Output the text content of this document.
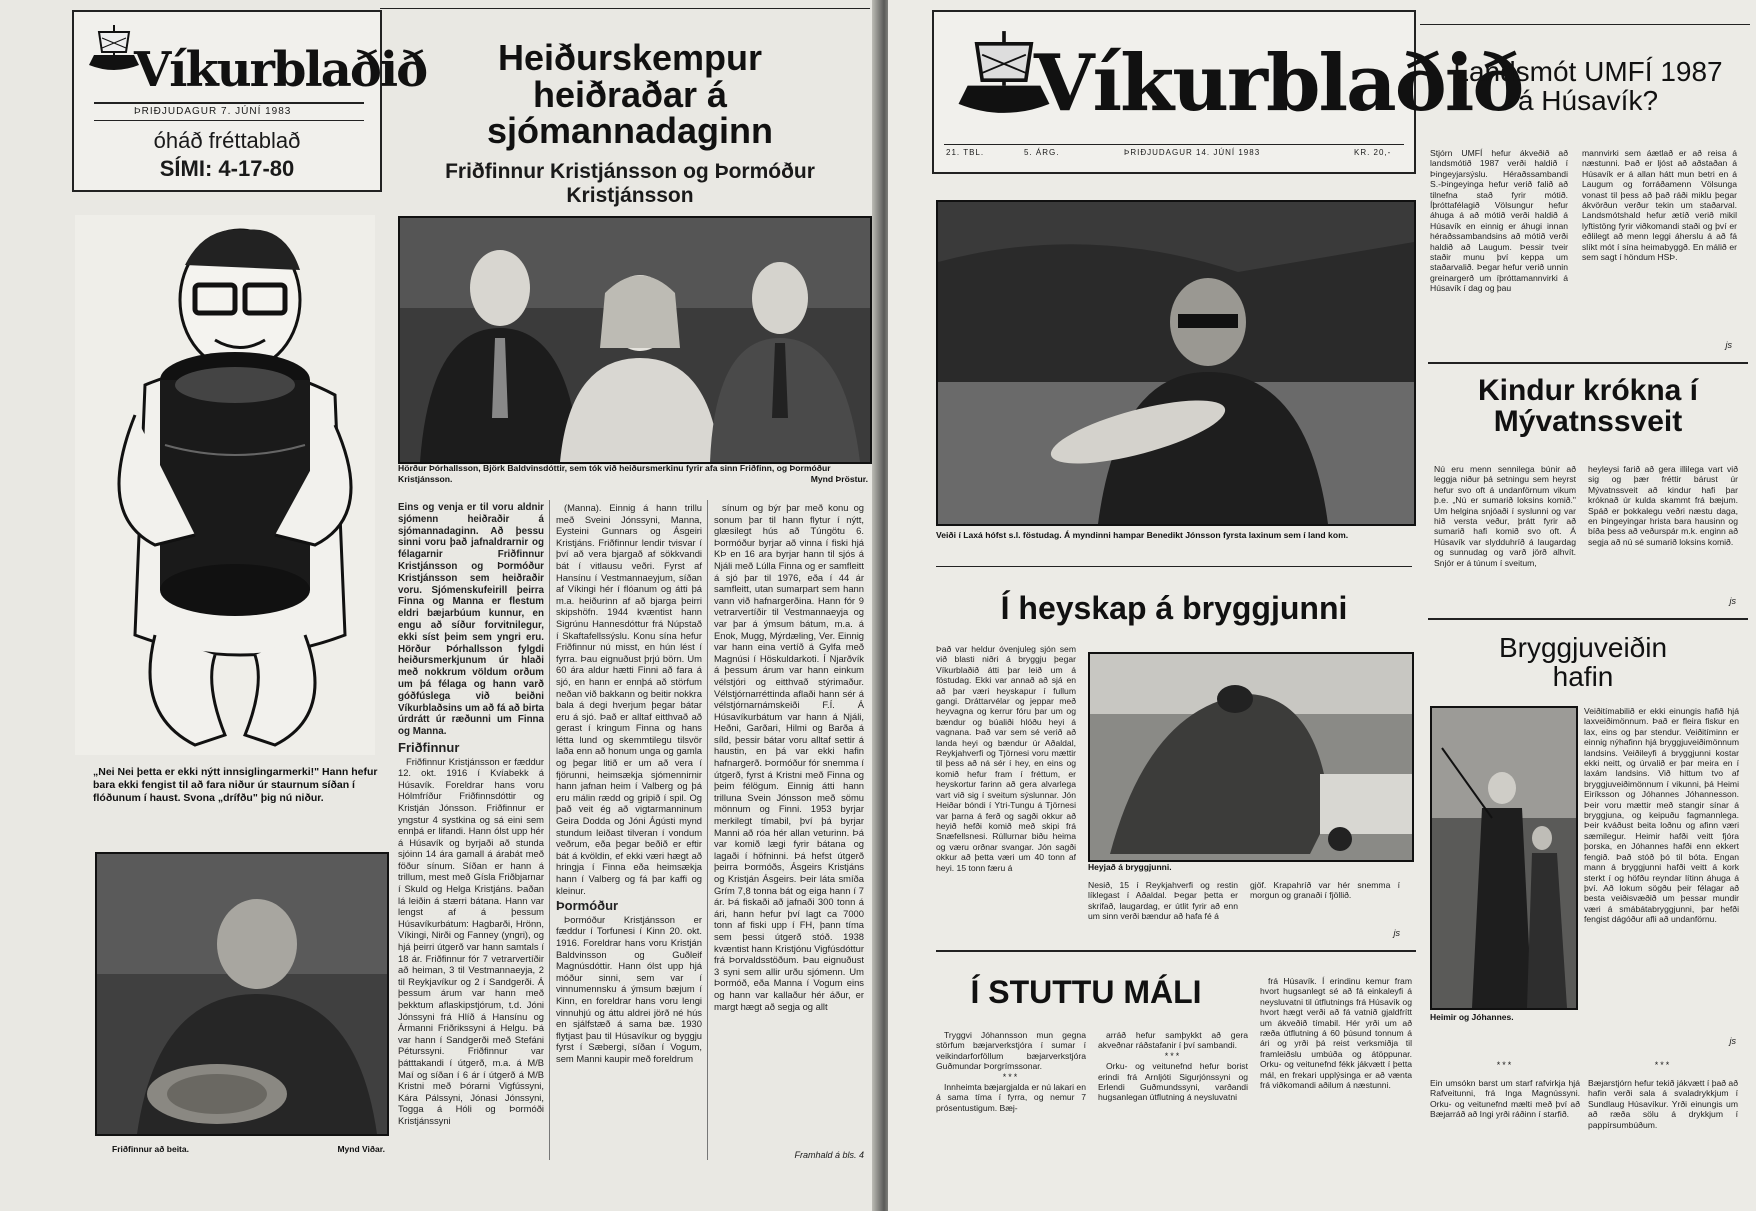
Víkurblaðið
ÞRIÐJUDAGUR 7. JÚNÍ 1983
óháð fréttablað
SÍMI: 4-17-80
Heiðurskempur heiðraðar á sjómannadaginn
Friðfinnur Kristjánsson og Þormóður Kristjánsson
„Nei Nei þetta er ekki nýtt innsiglingarmerki!" Hann hefur bara ekki fengist til að fara niður úr staurnum síðan í flóðunum í haust. Svona „drífðu" þig nú niður.
Hörður Þórhallsson, Björk Baldvinsdóttir, sem tók við heiðursmerkinu fyrir afa sinn Friðfinn, og Þormóður Kristjánsson.	Mynd Þröstur.
Friðfinnur að beita.	Mynd Viðar.
Eins og venja er til voru aldnir sjómenn heiðraðir á sjómannadaginn. Að þessu sinni voru það jafnaldrarnir og félagarnir Friðfinnur Kristjánsson og Þormóður Kristjánsson sem heiðraðir voru. Sjómenskufeirill þeirra Finna og Manna er flestum eldri bæjarbúum kunnur, en engu að síður forvitnilegur, ekki síst þeim sem yngri eru. Hörður Þórhallsson fylgdi heiðursmerkjunum úr hlaði með nokkrum völdum orðum um þá félaga og hann varð góðfúslega við beiðni Víkurblaðsins um að fá að birta úrdrátt úr ræðunni um Finna og Manna.
Friðfinnur

Friðfinnur Kristjánsson er fæddur 12. okt. 1916 í Kvíabekk á Húsavík. Foreldrar hans voru Hólmfríður Friðfinnsdóttir og Kristján Jónsson. Friðfinnur er yngstur 4 systkina og sá eini sem ennþá er lifandi. Hann ólst upp hér á Húsavík og byrjaði að stunda sjóinn 14 ára gamall á árabát með föður sínum. Síðan er hann á trillum, mest með Gísla Friðbjarnar í Skuld og Helga Kristjáns. Þaðan lá leiðin á stærri bátana. Hann var lengst af á þessum Húsavíkurbátum: Hagbarði, Hrönn, Víkingi, Nirði og Fanney (yngri), og hjá þeirri útgerð var hann samtals í 18 ár. Friðfinnur fór 7 vetrarvertíðir að heiman, 3 til Vestmannaeyja, 2 til Reykjavíkur og 2 í Sandgerði. Á þessum árum var hann með þekktum aflaskipstjórum, t.d. Jóni Jónssyni frá Hlíð á Hansínu og Ármanni Friðrikssyni á Helgu. Þá var hann í Sandgerði með Stefáni Péturssyni. Friðfinnur var þátttakandi í útgerð, m.a. á M/B Maí og síðan í 6 ár í útgerð á M/B Kristni með Þórarni Vigfússyni, Kára Pálssyni, Jónasi Jónssyni, Togga á Hóli og Þormóði Kristjánssyni

(Manna). Einnig á hann trillu með Sveini Jónssyni, Manna, Eysteini Gunnars og Ásgeiri Kristjáns. Friðfinnur lendir tvisvar í því að vera bjargað af sökkvandi bát í vitlausu veðri. Fyrst af Hansínu í Vestmannaeyjum, síðan af Víkingi hér í flóanum og átti þá m.a. heiðurinn af að bjarga þeirri skipshöfn. 1944 kvæntist hann Sigrúnu Hannesdóttur frá Núpstað í Skaftafellssýslu. Konu sína hefur Friðfinnur nú misst, en hún lést í fyrra. Þau eignuðust þrjú börn. Um 60 ára aldur hætti Finni að fara á sjó, en hann er ennþá að störfum neðan við bakkann og beitir nokkra bala á degi hverjum þegar bátar eru á sjó. Það er alltaf eitthvað að gerast í kringum Finna og hans létta lund og skemmtilegu tilsvör laða enn að honum unga og gamla og þegar litið er um að vera í fjörunni, heimsækja sjómennirnir hann jafnan heim í Valberg og þá eru málin rædd og gripið í spil. Og það veit ég að vigtarmanninum Geira Dodda og Jóni Ágústi mynd stundum leiðast tilveran í vondum veðrum, eða þegar beðið er eftir bát á kvöldin, ef ekki væri hægt að hringja í Finna eða heimsækja hann í Valberg og fá þar kaffi og kleinur.

Þormóður

Þormóður Kristjánsson er fæddur í Torfunesi í Kinn 20. okt. 1916. Foreldrar hans voru Kristján Baldvinsson og Guðleif Magnúsdóttir. Hann ólst upp hjá móður sinni, sem var í vinnumennsku á ýmsum bæjum í Kinn, en foreldrar hans voru lengi vinnuhjú og áttu aldrei jörð né hús en sjálfstæð á sama bæ. 1930 flytjast þau til Húsavíkur og byggju fyrst í Sæbergi, síðan í Vogum, sem Manni kaupir með foreldrum

sínum og býr þar með konu og sonum þar til hann flytur í nýtt, glæsilegt hús að Túngötu 6. Þormóður byrjar að vinna í fiski hjá KÞ en 16 ara byrjar hann til sjós á Njáli með Lúlla Finna og er samfleitt á sjó þar til 1976, eða í 44 ár samfleitt, utan sumarpart sem hann vann við hafnargerðina. Hann fór 9 vetrarvertíðir til Vestmannaeyja og var þar á ýmsum bátum, m.a. á Enok, Mugg, Mýrdæling, Ver. Einnig var hann eina vertíð á Gylfa með Magnúsi í Höskuldarkoti. Í Njarðvík á þessum árum var hann einkum vélstjóri og eitthvað stýrimaður. Vélstjórnarréttinda aflaði hann sér á vélstjórnarnámskeiði F.Í. Á Húsavíkurbátum var hann á Njáli, Heðni, Garðari, Hilmi og Barða á síld, þessir bátar voru alltaf settir á haustin, en þá var ekki hafin hafnargerð. Þormóður fór snemma í útgerð, fyrst á Kristni með Finna og þeim félögum. Einnig átti hann trilluna Svein Jónsson með sömu mönnum og Finni. 1953 byrjar merkilegt tímabil, því þá byrjar Manni að róa hér allan veturinn. Þá var komið lægi fyrir bátana og lagaði í höfninni. Þá hefst útgerð þeirra Þormóðs, Ásgeirs Kristjáns og Kristján Ásgeirs. Þeir láta smíða Grím 7,8 tonna bát og eiga hann í 7 ár. Þá fiskaði að jafnaði 300 tonn á ári, hann hefur því lagt ca 7000 tonn af fiski upp í FH, þann tíma sem þessi útgerð stóð. 1938 kvæntist hann Kristjónu Vigfúsdóttur frá Þorvaldsstöðum. Þau eignuðust 3 syni sem allir urðu sjómenn. Um Þormóð, eða Manna í Vogum eins og hann var kallaður hér áður, er margt hægt að segja og allt

Framhald á bls. 4
Víkurblaðið
21. TBL.	5. ÁRG.	ÞRIÐJUDAGUR 14. JÚNÍ 1983	KR. 20,-
Landsmót UMFÍ 1987 á Húsavík?
Stjórn UMFÍ hefur ákveðið að landsmótið 1987 verði haldið í Þingeyjarsýslu. Héraðssambandi S.-Þingeyinga hefur verið falið að tilnefna stað fyrir mótið. Íþróttafélagið Völsungur hefur áhuga á að mótið verði haldið á Húsavík en einnig er áhugi innan héraðssambandsins að mótið verði haldið að Laugum. Þessir tveir staðir munu því keppa um staðarvalið. Þegar hefur verið unnin greinargerð um íþróttamannvirki á Húsavík í dag og þau
mannvirki sem áætlað er að reisa á næstunni. Það er ljóst að aðstaðan á Húsavík er á allan hátt mun betri en á Laugum og forráðamenn Völsunga vonast til þess að það ráði miklu þegar ákvörðun verður tekin um staðarval. Landsmótshald hefur ætíð verið mikil lyftistöng fyrir viðkomandi staði og því er eðlilegt að menn leggi áherslu á að fá slíkt mót í sína heimabyggð. En málið er sem sagt í höndum HSÞ.
js
Kindur krókna í Mývatnssveit
Nú eru menn sennilega búnir að leggja niður þá setningu sem heyrst hefur svo oft á undanförnum vikum þ.e. „Nú er sumarið loksins komið." Um helgina snjóaði í syslunni og var hið versta veður, þrátt fyrir að sumarið hafi komið svo oft. Á Húsavík var slydduhríð á laugardag og sunnudag og varð jörð alhvít. Snjór er á túnum í sveitum,
heyleysi farið að gera illilega vart við sig og þær fréttir bárust úr Mývatnssveit að kindur hafi þar króknað úr kulda skammt frá bæjum. Spáð er þokkalegu veðri næstu daga, en Þingeyingar hrista bara hausinn og bíða þess að veðurspár m.k. enginn að segja að nú sé sumarið loksins komið.
js
Veiði í Laxá hófst s.l. föstudag. Á myndinni hampar Benedikt Jónsson fyrsta laxinum sem í land kom.
Í heyskap á bryggjunni
Það var heldur óvenjuleg sjón sem við blasti niðri á bryggju þegar Víkurblaðið átti þar leið um á föstudag. Ekki var annað að sjá en að þar væri heyskapur í fullum gangi. Dráttarvélar og jeppar með heyvagna og kerrur fóru þar um og bændur og búaliði hlóðu heyi á vagnana. Það var sem sé verið að landa heyi og bændur úr Aðaldal, Reykjahverfi og Tjörnesi voru mættir til þess að ná sér í hey, en eins og komið hefur fram í fréttum, er heyskortur farinn að gera alvarlega vart við sig í sveitum sýslunnar. Jón Heiðar bóndi í Ytri-Tungu á Tjörnesi var þarna á ferð og sagði okkur að heyið hefði komið með skipi frá Snæfellsnesi. Rúllurnar biðu heima og væru orðnar svangar. Jón sagði okkur að þetta væri um 40 tonn af heyi. 15 tonn færu á	Heyjað á bryggjunni.
Nesið, 15 í Reykjahverfi og restin líklegast í Aðaldal. Þegar þetta er skrifað, laugardag, er útlit fyrir að enn um sinn verði bændur að hafa fé á
gjöf. Krapahríð var hér snemma í morgun og granaði í fjöllið.
js
Í STUTTU MÁLI

Tryggvi Jóhannsson mun gegna störfum bæjarverkstjóra í sumar í veikindarforföllum bæjarverkstjóra Guðmundar Þorgrímssonar.

***

Innheimta bæjargjalda er nú lakari en á sama tíma í fyrra, og nemur 7 prósentustigum. Bæj-

arráð hefur samþykkt að gera akveðnar ráðstafanir í því sambandi.

***

Orku- og veitunefnd hefur borist erindi frá Arnljóti Sigurjónssyni og Erlendi Guðmundssyni, varðandi hugsanlegan útflutning á neysluvatni

frá Húsavík. Í erindinu kemur fram hvort hugsanlegt sé að fá einkaleyfi á neysluvatni til útflutnings frá Húsavík og hvort hægt verði að fá vatnið gjaldfrítt um ákveðið tímabil. Hér yrði um að ræða útflutning á 60 þúsund tonnum á ári og yrði þá reist verksmiðja til framleiðslu umbúða og átöppunar. Orku- og veitunefnd fékk jákvætt í þetta mál, en frekari upplýsinga er að vænta frá viðkomandi aðilum á næstunni.

Bryggjuveiðin hafin
Heimir og Jóhannes.
Veiðitímabilið er ekki einungis hafið hjá laxveiðimönnum. Það er fleira fiskur en lax, eins og þar stendur. Veiðitíminn er einnig nýhafinn hjá bryggjuveiðimönnum landsins. Veiðileyfi á bryggjunni kostar ekki neitt, og úrvalið er þar meira en í laxám landsins. Við hittum tvo af bryggjuveiðimönnum í vikunni, þá Heimi Eiríksson og Jóhannes Jóhannesson. Þeir voru mættir með stangir sínar á bryggjuna, og keipuðu fagmannlega. Þeir kváðust beita loðnu og afinn væri sæmilegur. Heimir hafði veitt fjóra þorska, en Jóhannes hafði enn ekkert fengið. Það stóð þó til bóta. Engan mann á bryggjunni hafði veitt á kork sterkt í og höfðu reyndar lítinn áhuga á því. Að lokum sögðu þeir félagar að besta veiðisvæðið um þessar mundir væri á smábátabryggjunni, þar hefði fengist dágóður afli að undanförnu.
js
***
Ein umsókn barst um starf rafvirkja hjá Rafveitunni, frá Inga Magnússyni. Orku- og veitunefnd mælti með því að Bæjarráð að Ingi yrði ráðinn í starfið.
***
Bæjarstjórn hefur tekið jákvætt í það að hafin verði sala á svaladrykkjum í Sundlaug Húsavíkur. Yrði einungis um að ræða sölu á drykkjum í pappírsumbúðum.
